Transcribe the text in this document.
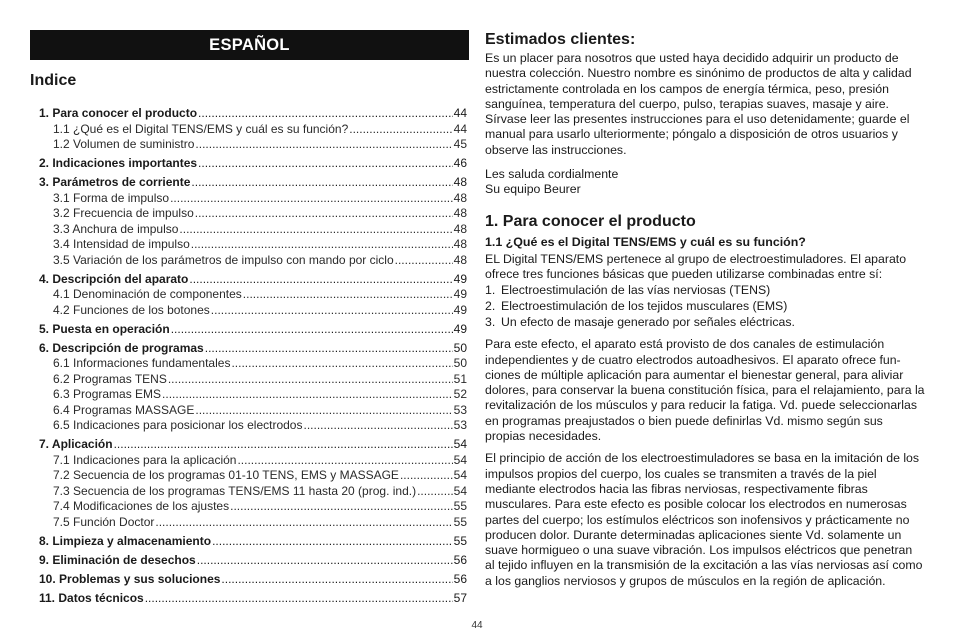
ESPAÑOL
Indice
1. Para conocer el producto .....	44
1.1 ¿Qué es el Digital TENS/EMS y cuál es su función? .....	44
1.2 Volumen de suministro .....	45
2. Indicaciones importantes .....	46
3. Parámetros de corriente .....	48
3.1 Forma de impulso .....	48
3.2 Frecuencia de impulso .....	48
3.3 Anchura de impulso .....	48
3.4 Intensidad de impulso .....	48
3.5 Variación de los parámetros de impulso con mando por ciclo .....	48
4. Descripción del aparato .....	49
4.1 Denominación de componentes .....	49
4.2 Funciones de los botones .....	49
5. Puesta en operación .....	49
6. Descripción de programas .....	50
6.1 Informaciones fundamentales .....	50
6.2 Programas TENS .....	51
6.3 Programas EMS .....	52
6.4 Programas MASSAGE .....	53
6.5 Indicaciones para posicionar los electrodos .....	53
7. Aplicación .....	54
7.1 Indicaciones para la aplicación .....	54
7.2 Secuencia de los programas 01-10 TENS, EMS y MASSAGE .....	54
7.3 Secuencia de los programas TENS/EMS 11 hasta 20 (prog. ind.) .....	54
7.4 Modificaciones de los ajustes .....	55
7.5 Función Doctor .....	55
8. Limpieza y almacenamiento .....	55
9. Eliminación de desechos .....	56
10. Problemas y sus soluciones .....	56
11. Datos técnicos .....	57
Estimados clientes:

Es un placer para nosotros que usted haya decidido adquirir un producto de nuestra colección. Nuestro nombre es sinónimo de productos de alta y calidad estrictamente controlada en los campos de energía térmica, peso, presión sanguínea, temperatura del cuerpo, pulso, terapias suaves, masaje y aire. Sírvase leer las presentes instrucciones para el uso detenidamente; guarde el manual para usarlo ulteriormente; póngalo a disposición de otros usuarios y observe las instrucciones.

Les saluda cordialmente

Su equipo Beurer

1. Para conocer el producto
1.1 ¿Qué es el Digital TENS/EMS y cuál es su función?

EL Digital TENS/EMS pertenece al grupo de electroestimuladores. El aparato ofrece tres funciones básicas que pueden utilizarse combinadas entre sí:

1. Electroestimulación de las vías nerviosas (TENS)
2. Electroestimulación de los tejidos musculares (EMS)
3. Un efecto de masaje generado por señales eléctricas.

Para este efecto, el aparato está provisto de dos canales de estimulación independientes y de cuatro electrodos autoadhesivos. El aparato ofrece funciones de múltiple aplicación para aumentar el bienestar general, para aliviar dolores, para conservar la buena constitución física, para el relajamiento, para la revitalización de los músculos y para reducir la fatiga. Vd. puede seleccionarlas en programas preajustados o bien puede definirlas Vd. mismo según sus propias necesidades.

El principio de acción de los electroestimuladores se basa en la imitación de los impulsos propios del cuerpo, los cuales se transmiten a través de la piel mediante electrodos hacia las fibras nerviosas, respectivamente fibras musculares. Para este efecto es posible colocar los electrodos en numerosas partes del cuerpo; los estímulos eléctricos son inofensivos y prácticamente no producen dolor. Durante determinadas aplicaciones siente Vd. solamente un suave hormigueo o una suave vibración. Los impulsos eléctricos que penetran al tejido influyen en la transmisión de la excitación a las vías nerviosas así como a los ganglios nerviosos y grupos de músculos en la región de aplicación.

44
